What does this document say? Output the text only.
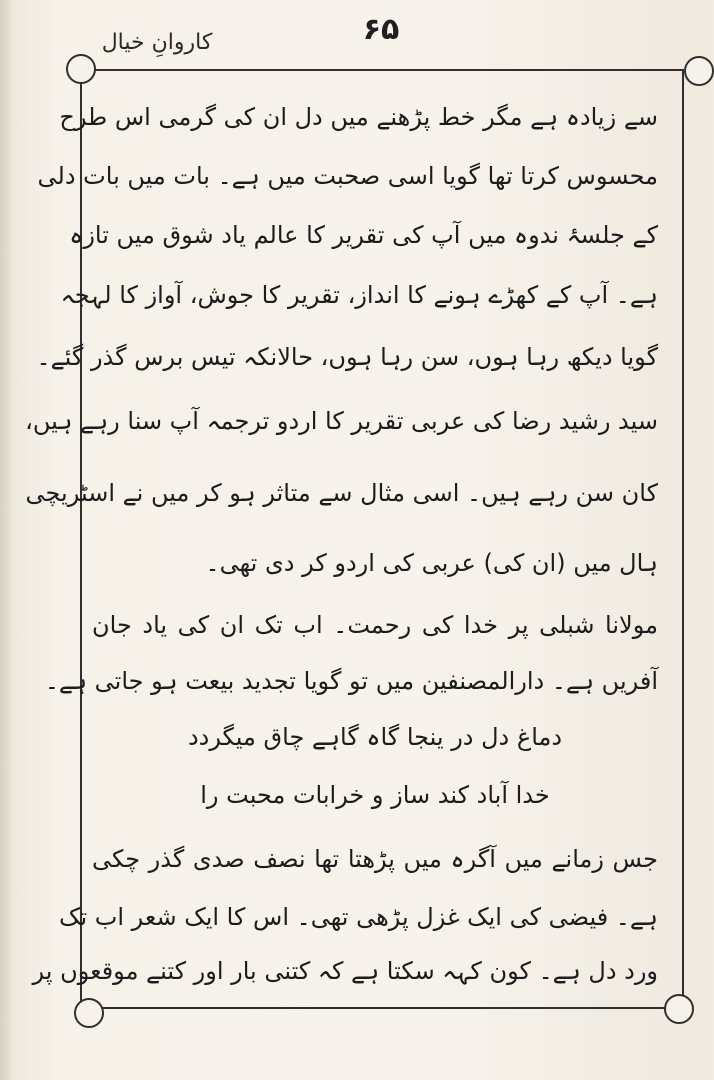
کاروانِ خیال	۶۵
سے زیادہ ہے مگر خط پڑھنے میں دل ان کی گرمی اس طرح
محسوس کرتا تھا گویا اسی صحبت میں ہے۔ بات میں بات دلی
کے جلسۂ ندوہ میں آپ کی تقریر کا عالم یاد شوق میں تازہ
ہے۔ آپ کے کھڑے ہونے کا انداز، تقریر کا جوش، آواز کا لہجہ
گویا دیکھ رہا ہوں، سن رہا ہوں، حالانکہ تیس برس گذر گئے۔
سید رشید رضا کی عربی تقریر کا اردو ترجمہ آپ سنا رہے ہیں،
کان سن رہے ہیں۔ اسی مثال سے متاثر ہو کر میں نے اسٹریچی
ہال میں (ان کی) عربی کی اردو کر دی تھی۔
مولانا شبلی پر خدا کی رحمت۔ اب تک ان کی یاد جان
آفریں ہے۔ دارالمصنفین میں تو گویا تجدید بیعت ہو جاتی ہے۔
دماغ دل در ینجا گاہ گاہے چاق میگردد
خدا آباد کند ساز و خرابات محبت را
جس زمانے میں آگرہ میں پڑھتا تھا نصف صدی گذر چکی
ہے۔ فیضی کی ایک غزل پڑھی تھی۔ اس کا ایک شعر اب تک
ورد دل ہے۔ کون کہہ سکتا ہے کہ کتنی بار اور کتنے موقعوں پر
